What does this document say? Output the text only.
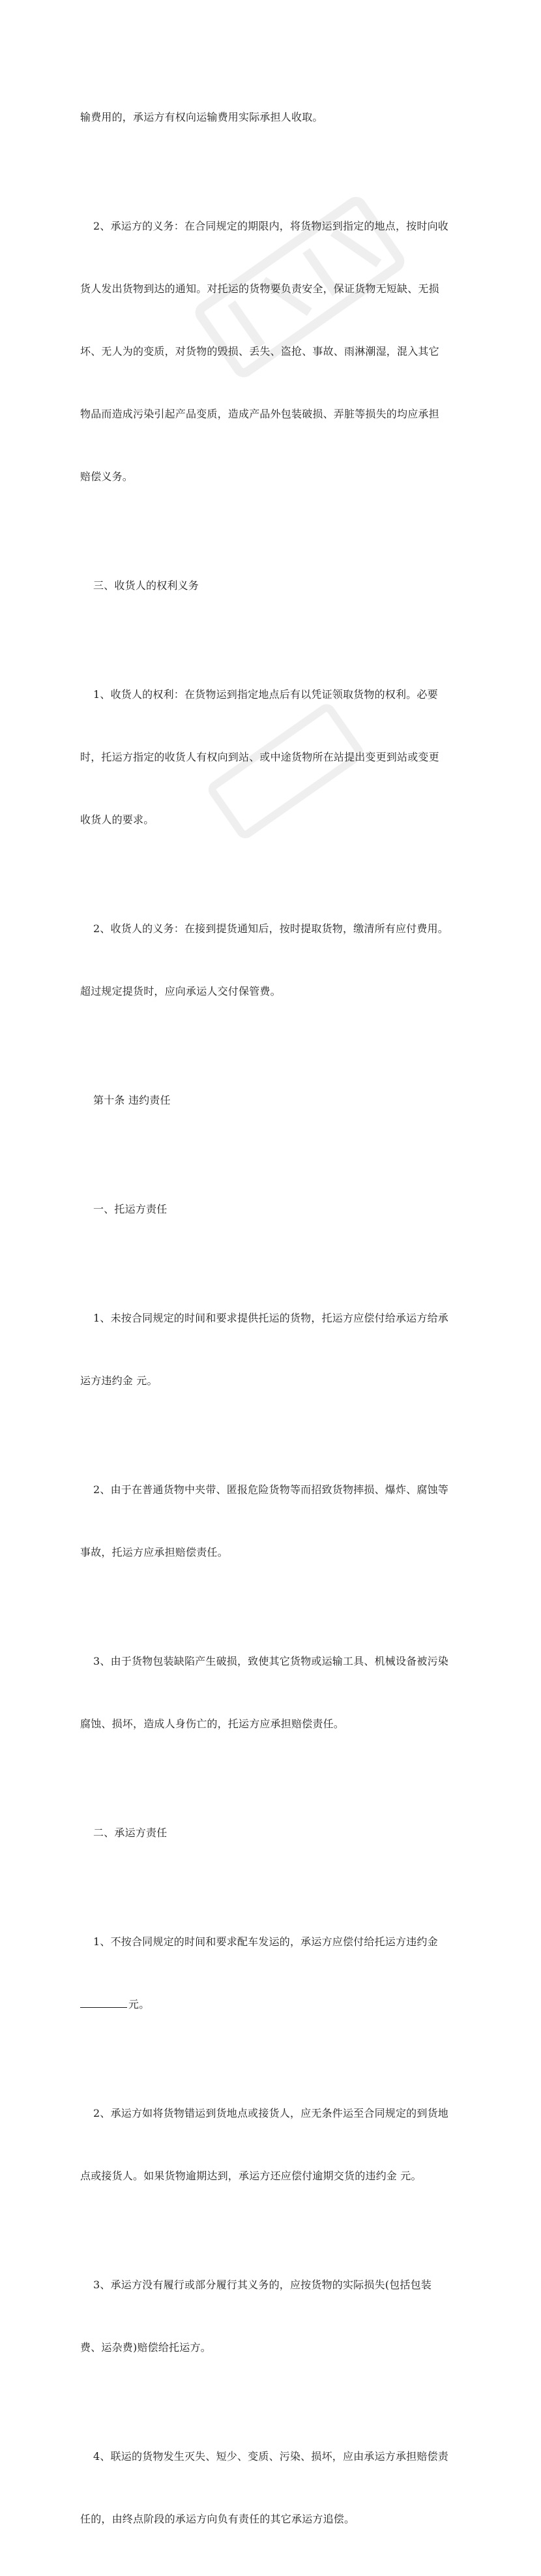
输费用的，承运方有权向运输费用实际承担人收取。

2、承运方的义务：在合同规定的期限内，将货物运到指定的地点，按时向收

货人发出货物到达的通知。对托运的货物要负责安全，保证货物无短缺、无损

坏、无人为的变质，对货物的毁损、丢失、盗抢、事故、雨淋潮湿，混入其它

物品而造成污染引起产品变质，造成产品外包装破损、弄脏等损失的均应承担

赔偿义务。

三、收货人的权利义务

1、收货人的权利：在货物运到指定地点后有以凭证领取货物的权利。必要

时，托运方指定的收货人有权向到站、或中途货物所在站提出变更到站或变更

收货人的要求。

2、收货人的义务：在接到提货通知后，按时提取货物，缴清所有应付费用。

超过规定提货时，应向承运人交付保管费。

第十条 违约责任

一、托运方责任

1、未按合同规定的时间和要求提供托运的货物，托运方应偿付给承运方给承

运方违约金 元。

2、由于在普通货物中夹带、匿报危险货物等而招致货物摔损、爆炸、腐蚀等

事故，托运方应承担赔偿责任。

3、由于货物包装缺陷产生破损，致使其它货物或运输工具、机械设备被污染

腐蚀、损坏，造成人身伤亡的，托运方应承担赔偿责任。

二、承运方责任

1、不按合同规定的时间和要求配车发运的，承运方应偿付给托运方违约金

元。

2、承运方如将货物错运到货地点或接货人，应无条件运至合同规定的到货地

点或接货人。如果货物逾期达到，承运方还应偿付逾期交货的违约金 元。

3、承运方没有履行或部分履行其义务的，应按货物的实际损失(包括包装

费、运杂费)赔偿给托运方。

4、联运的货物发生灭失、短少、变质、污染、损坏，应由承运方承担赔偿责

任的，由终点阶段的承运方向负有责任的其它承运方追偿。
